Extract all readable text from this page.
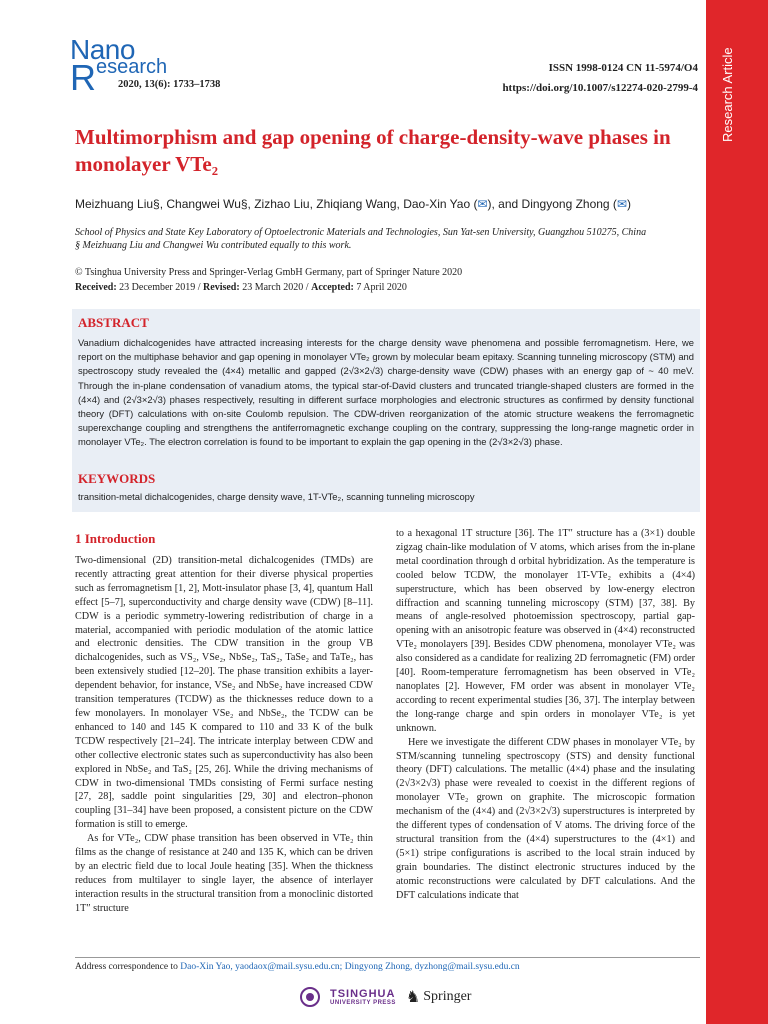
Research Article
Nano
R esearch
2020, 13(6): 1733–1738
ISSN 1998-0124 CN 11-5974/O4
https://doi.org/10.1007/s12274-020-2799-4
Multimorphism and gap opening of charge-density-wave phases in monolayer VTe₂
Meizhuang Liu§, Changwei Wu§, Zizhao Liu, Zhiqiang Wang, Dao-Xin Yao (✉), and Dingyong Zhong (✉)
School of Physics and State Key Laboratory of Optoelectronic Materials and Technologies, Sun Yat-sen University, Guangzhou 510275, China
§ Meizhuang Liu and Changwei Wu contributed equally to this work.
© Tsinghua University Press and Springer-Verlag GmbH Germany, part of Springer Nature 2020
Received: 23 December 2019 / Revised: 23 March 2020 / Accepted: 7 April 2020
ABSTRACT
Vanadium dichalcogenides have attracted increasing interests for the charge density wave phenomena and possible ferromagnetism. Here, we report on the multiphase behavior and gap opening in monolayer VTe₂ grown by molecular beam epitaxy. Scanning tunneling microscopy (STM) and spectroscopy study revealed the (4×4) metallic and gapped (2√3×2√3) charge-density wave (CDW) phases with an energy gap of ~ 40 meV. Through the in-plane condensation of vanadium atoms, the typical star-of-David clusters and truncated triangle-shaped clusters are formed in the (4×4) and (2√3×2√3) phases respectively, resulting in different surface morphologies and electronic structures as confirmed by density functional theory (DFT) calculations with on-site Coulomb repulsion. The CDW-driven reorganization of the atomic structure weakens the ferromagnetic superexchange coupling and strengthens the antiferromagnetic exchange coupling on the contrary, suppressing the long-range magnetic order in monolayer VTe₂. The electron correlation is found to be important to explain the gap opening in the (2√3×2√3) phase.
KEYWORDS
transition-metal dichalcogenides, charge density wave, 1T-VTe₂, scanning tunneling microscopy
1 Introduction

Two-dimensional (2D) transition-metal dichalcogenides (TMDs) are recently attracting great attention for their diverse physical properties such as ferromagnetism [1, 2], Mott-insulator phase [3, 4], quantum Hall effect [5–7], superconductivity and charge density wave (CDW) [8–11]. CDW is a periodic symmetry-lowering redistribution of charge in a material, accompanied with periodic modulation of the atomic lattice and electronic densities. The CDW transition in the group VB dichalcogenides, such as VS₂, VSe₂, NbSe₂, TaS₂, TaSe₂ and TaTe₂, has been extensively studied [12–20]. The phase transition exhibits a layer-dependent behavior, for instance, VSe₂ and NbSe₂ have increased CDW transition temperatures (TCDW) as the thicknesses reduce down to a few monolayers. In monolayer VSe₂ and NbSe₂, the TCDW can be enhanced to 140 and 145 K compared to 110 and 33 K of the bulk TCDW respectively [21–24]. The intricate interplay between CDW and other collective electronic states such as superconductivity has also been explored in NbSe₂ and TaS₂ [25, 26]. While the driving mechanisms of CDW in two-dimensional TMDs consisting of Fermi surface nesting [27, 28], saddle point singularities [29, 30] and electron–phonon coupling [31–34] have been proposed, a consistent picture on the CDW formation is still to emerge.

As for VTe₂, CDW phase transition has been observed in VTe₂ thin films as the change of resistance at 240 and 135 K, which can be driven by an electric field due to local Joule heating [35]. When the thickness reduces from multilayer to single layer, the absence of interlayer interaction results in the structural transition from a monoclinic distorted 1T″ structure

to a hexagonal 1T structure [36]. The 1T″ structure has a (3×1) double zigzag chain-like modulation of V atoms, which arises from the in-plane metal coordination through d orbital hybridization. As the temperature is cooled below TCDW, the monolayer 1T-VTe₂ exhibits a (4×4) superstructure, which has been observed by low-energy electron diffraction and scanning tunneling microscopy (STM) [37, 38]. By means of angle-resolved photoemission spectroscopy, partial gap-opening with an anisotropic feature was observed in (4×4) reconstructed VTe₂ monolayers [39]. Besides CDW phenomena, monolayer VTe₂ was also considered as a candidate for realizing 2D ferromagnetic (FM) order [40]. Room-temperature ferromagnetism has been observed in VTe₂ nanoplates [2]. However, FM order was absent in monolayer VTe₂ according to recent experimental studies [36, 37]. The interplay between the long-range charge and spin orders in monolayer VTe₂ is yet unknown.

Here we investigate the different CDW phases in monolayer VTe₂ by STM/scanning tunneling spectroscopy (STS) and density functional theory (DFT) calculations. The metallic (4×4) phase and the insulating (2√3×2√3) phase were revealed to coexist in the different regions of monolayer VTe₂ grown on graphite. The microscopic formation mechanism of the (4×4) and (2√3×2√3) superstructures is interpreted by the different types of condensation of V atoms. The driving force of the structural transition from the (4×4) superstructures to the (4×1) and (5×1) stripe configurations is ascribed to the local strain induced by grain boundaries. The distinct electronic structures induced by the atomic reconstructions were calculated by DFT calculations. And the DFT calculations indicate that

Address correspondence to Dao-Xin Yao, yaodaox@mail.sysu.edu.cn; Dingyong Zhong, dyzhong@mail.sysu.edu.cn
TSINGHUA
UNIVERSITY PRESS ♞ Springer
